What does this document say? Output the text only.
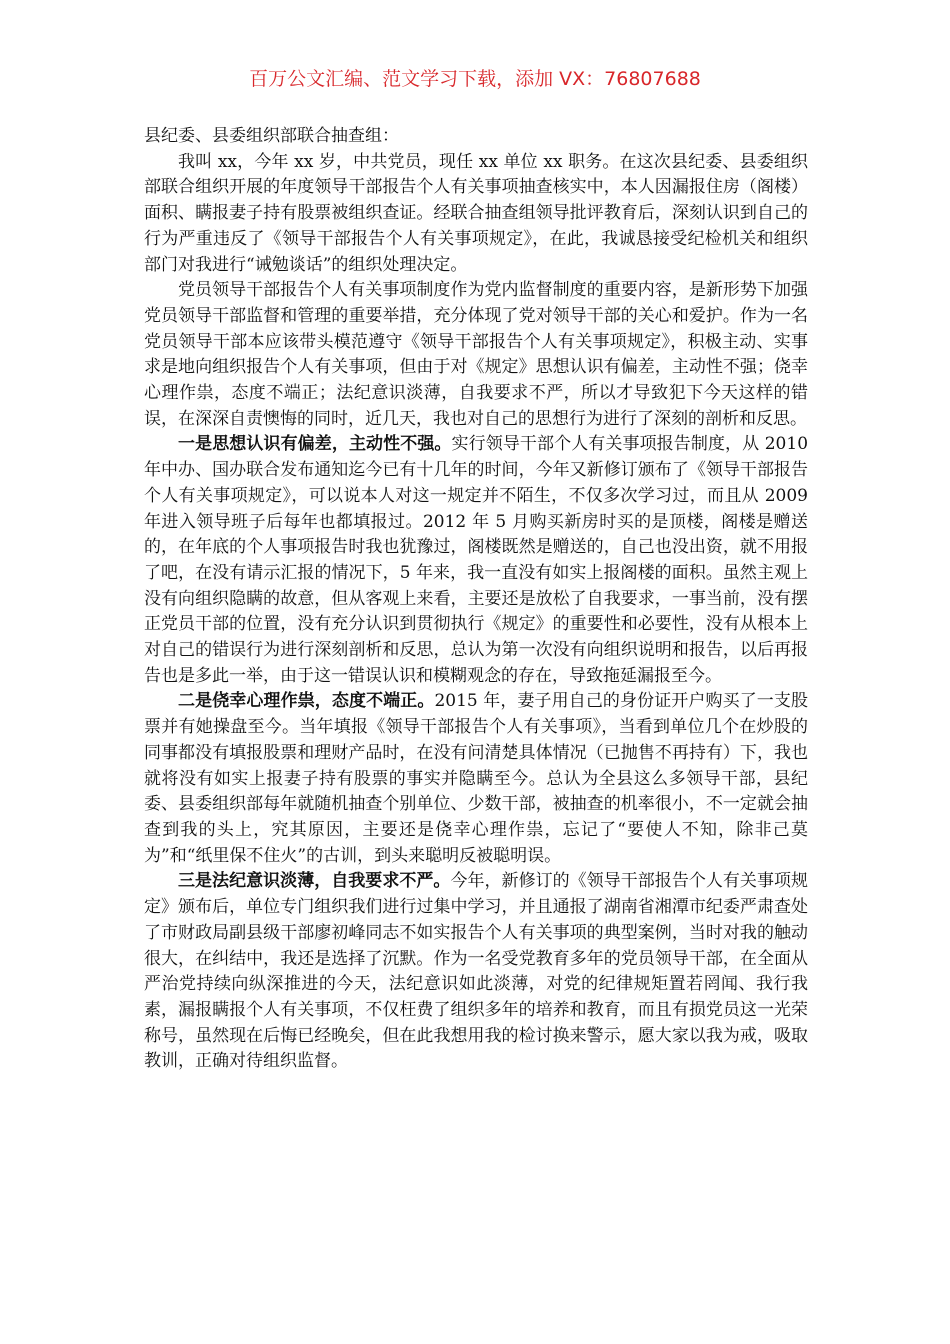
百万公文汇编、范文学习下载，添加 VX：76807688

县纪委、县委组织部联合抽查组：

我叫 xx，今年 xx 岁，中共党员，现任 xx 单位 xx 职务。在这次县纪委、县委组织部联合组织开展的年度领导干部报告个人有关事项抽查核实中，本人因漏报住房（阁楼）面积、瞒报妻子持有股票被组织查证。经联合抽查组领导批评教育后，深刻认识到自己的行为严重违反了《领导干部报告个人有关事项规定》，在此，我诚恳接受纪检机关和组织部门对我进行“诫勉谈话”的组织处理决定。

党员领导干部报告个人有关事项制度作为党内监督制度的重要内容，是新形势下加强党员领导干部监督和管理的重要举措，充分体现了党对领导干部的关心和爱护。作为一名党员领导干部本应该带头模范遵守《领导干部报告个人有关事项规定》，积极主动、实事求是地向组织报告个人有关事项，但由于对《规定》思想认识有偏差，主动性不强；侥幸心理作祟，态度不端正；法纪意识淡薄，自我要求不严，所以才导致犯下今天这样的错误，在深深自责懊悔的同时，近几天，我也对自己的思想行为进行了深刻的剖析和反思。

一是思想认识有偏差，主动性不强。实行领导干部个人有关事项报告制度，从 2010 年中办、国办联合发布通知迄今已有十几年的时间，今年又新修订颁布了《领导干部报告个人有关事项规定》，可以说本人对这一规定并不陌生，不仅多次学习过，而且从 2009 年进入领导班子后每年也都填报过。2012 年 5 月购买新房时买的是顶楼，阁楼是赠送的，在年底的个人事项报告时我也犹豫过，阁楼既然是赠送的，自己也没出资，就不用报了吧，在没有请示汇报的情况下，5 年来，我一直没有如实上报阁楼的面积。虽然主观上没有向组织隐瞒的故意，但从客观上来看，主要还是放松了自我要求，一事当前，没有摆正党员干部的位置，没有充分认识到贯彻执行《规定》的重要性和必要性，没有从根本上对自己的错误行为进行深刻剖析和反思，总认为第一次没有向组织说明和报告，以后再报告也是多此一举，由于这一错误认识和模糊观念的存在，导致拖延漏报至今。

二是侥幸心理作祟，态度不端正。2015 年，妻子用自己的身份证开户购买了一支股票并有她操盘至今。当年填报《领导干部报告个人有关事项》，当看到单位几个在炒股的同事都没有填报股票和理财产品时，在没有问清楚具体情况（已抛售不再持有）下，我也就将没有如实上报妻子持有股票的事实并隐瞒至今。总认为全县这么多领导干部，县纪委、县委组织部每年就随机抽查个别单位、少数干部，被抽查的机率很小，不一定就会抽查到我的头上，究其原因，主要还是侥幸心理作祟，忘记了“要使人不知，除非己莫为”和“纸里保不住火”的古训，到头来聪明反被聪明误。

三是法纪意识淡薄，自我要求不严。今年，新修订的《领导干部报告个人有关事项规定》颁布后，单位专门组织我们进行过集中学习，并且通报了湖南省湘潭市纪委严肃查处了市财政局副县级干部廖初峰同志不如实报告个人有关事项的典型案例，当时对我的触动很大，在纠结中，我还是选择了沉默。作为一名受党教育多年的党员领导干部，在全面从严治党持续向纵深推进的今天，法纪意识如此淡薄，对党的纪律规矩置若罔闻、我行我素，漏报瞒报个人有关事项，不仅枉费了组织多年的培养和教育，而且有损党员这一光荣称号，虽然现在后悔已经晚矣，但在此我想用我的检讨换来警示，愿大家以我为戒，吸取教训，正确对待组织监督。
